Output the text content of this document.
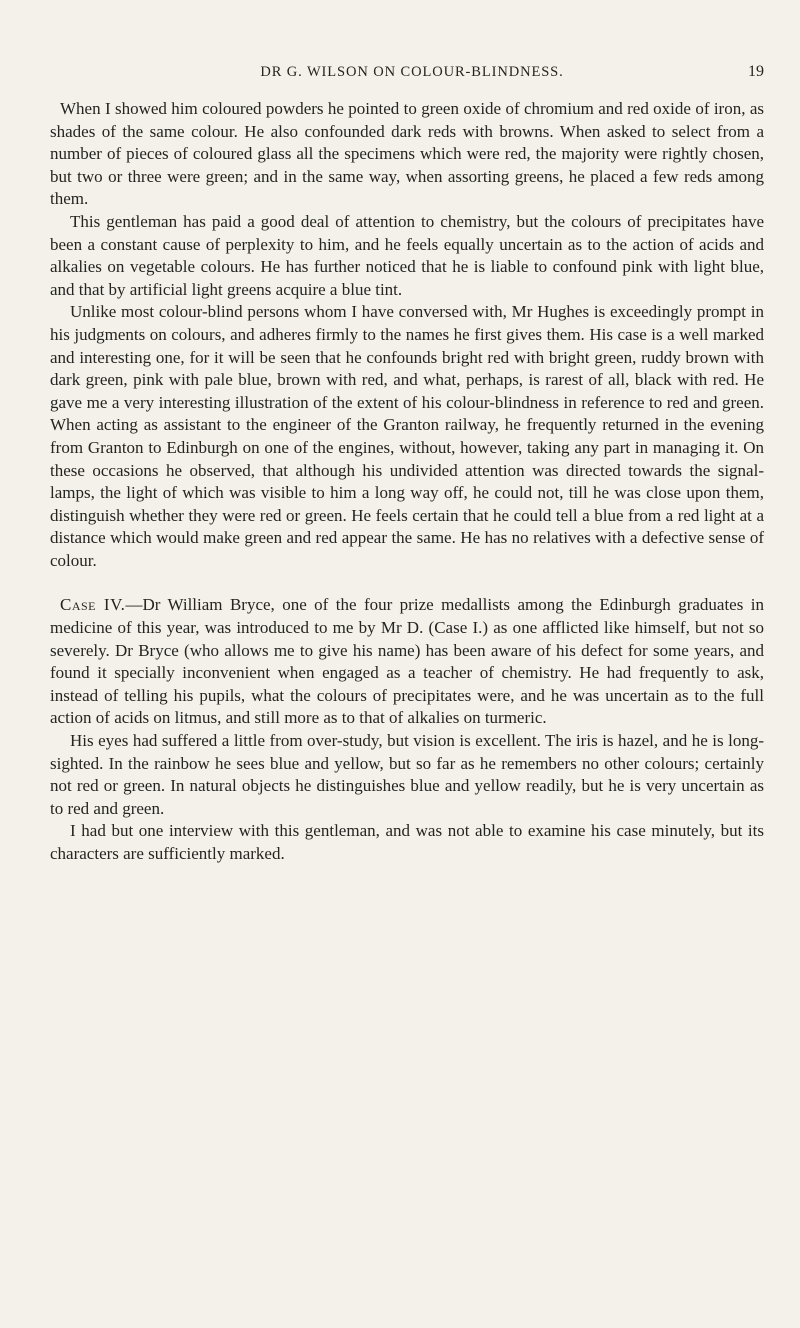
DR G. WILSON ON COLOUR-BLINDNESS.	19

When I showed him coloured powders he pointed to green oxide of chromium and red oxide of iron, as shades of the same colour. He also confounded dark reds with browns. When asked to select from a number of pieces of coloured glass all the specimens which were red, the majority were rightly chosen, but two or three were green; and in the same way, when assorting greens, he placed a few reds among them.

This gentleman has paid a good deal of attention to chemistry, but the colours of precipitates have been a constant cause of perplexity to him, and he feels equally uncertain as to the action of acids and alkalies on vegetable colours. He has further noticed that he is liable to confound pink with light blue, and that by artificial light greens acquire a blue tint.

Unlike most colour-blind persons whom I have conversed with, Mr Hughes is exceedingly prompt in his judgments on colours, and adheres firmly to the names he first gives them. His case is a well marked and interesting one, for it will be seen that he confounds bright red with bright green, ruddy brown with dark green, pink with pale blue, brown with red, and what, perhaps, is rarest of all, black with red. He gave me a very interesting illustration of the extent of his colour-blindness in reference to red and green. When acting as assistant to the engineer of the Granton railway, he frequently returned in the evening from Granton to Edinburgh on one of the engines, without, however, taking any part in managing it. On these occasions he observed, that although his undivided attention was directed towards the signal-lamps, the light of which was visible to him a long way off, he could not, till he was close upon them, distinguish whether they were red or green. He feels certain that he could tell a blue from a red light at a distance which would make green and red appear the same. He has no relatives with a defective sense of colour.

Case IV.—Dr William Bryce, one of the four prize medallists among the Edinburgh graduates in medicine of this year, was introduced to me by Mr D. (Case I.) as one afflicted like himself, but not so severely. Dr Bryce (who allows me to give his name) has been aware of his defect for some years, and found it specially inconvenient when engaged as a teacher of chemistry. He had frequently to ask, instead of telling his pupils, what the colours of precipitates were, and he was uncertain as to the full action of acids on litmus, and still more as to that of alkalies on turmeric.

His eyes had suffered a little from over-study, but vision is excellent. The iris is hazel, and he is long-sighted. In the rainbow he sees blue and yellow, but so far as he remembers no other colours; certainly not red or green. In natural objects he distinguishes blue and yellow readily, but he is very uncertain as to red and green.

I had but one interview with this gentleman, and was not able to examine his case minutely, but its characters are sufficiently marked.
